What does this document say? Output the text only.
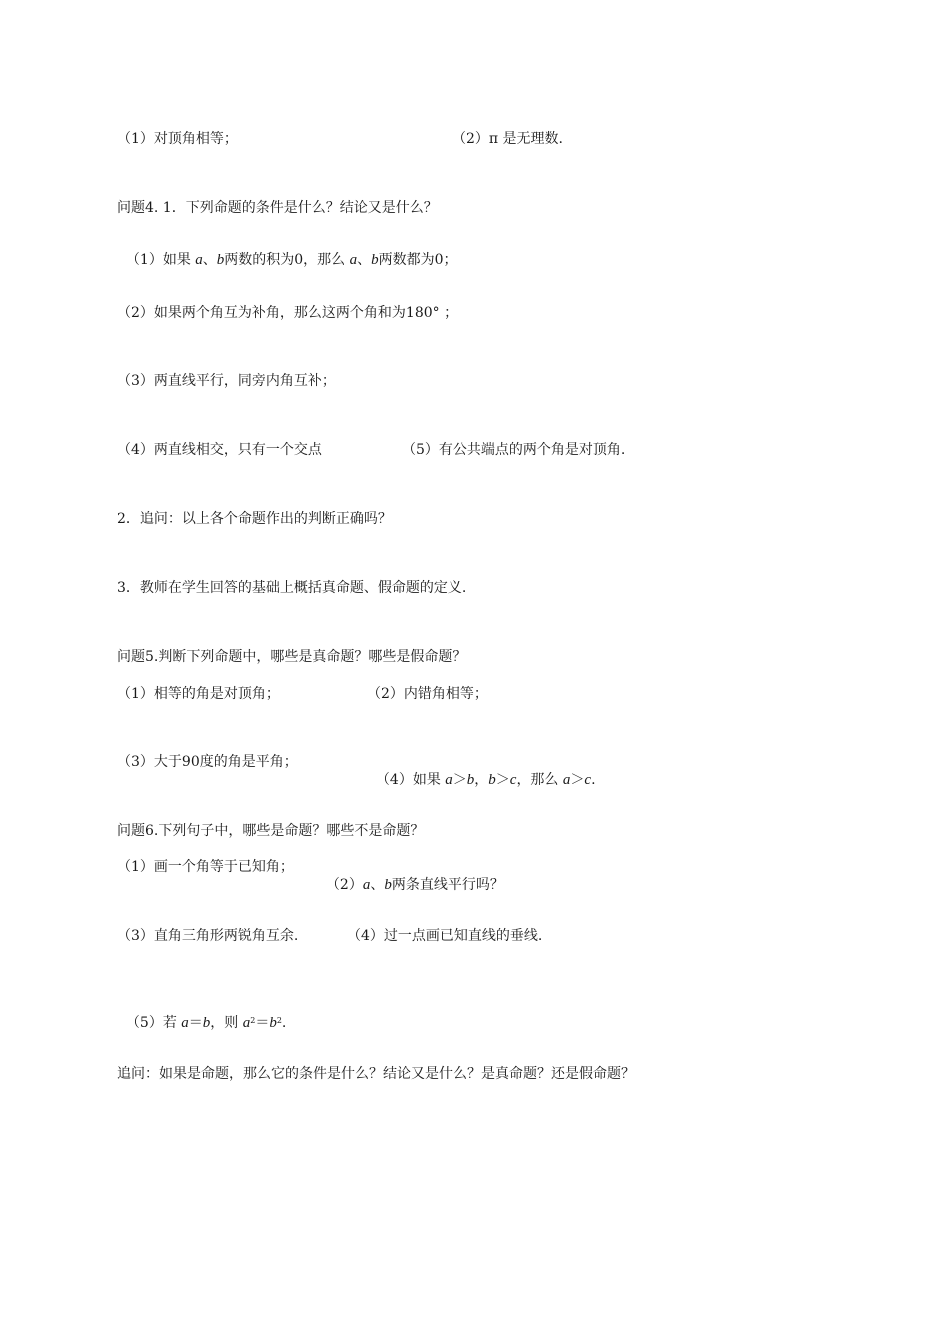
（1）对顶角相等；	（2）π 是无理数.
问题4. 1．下列命题的条件是什么？结论又是什么？

（1）如果 a、b两数的积为0，那么 a、b两数都为0；

（2）如果两个角互为补角，那么这两个角和为180° ；
（3）两直线平行，同旁内角互补；
（4）两直线相交，只有一个交点	（5）有公共端点的两个角是对顶角.
2．追问：以上各个命题作出的判断正确吗？
3．教师在学生回答的基础上概括真命题、假命题的定义.
问题5.判断下列命题中，哪些是真命题？哪些是假命题？
（1）相等的角是对顶角；	（2）内错角相等；
（3）大于90度的角是平角；

（4）如果 a＞b，b＞c，那么 a＞c.

问题6.下列句子中，哪些是命题？哪些不是命题？
（1）画一个角等于已知角；

（2）a、b两条直线平行吗？

（3）直角三角形两锐角互余.	（4）过一点画已知直线的垂线.

（5）若 a＝b，则 $a^2=b^2$.

追问：如果是命题，那么它的条件是什么？结论又是什么？是真命题？还是假命题？
